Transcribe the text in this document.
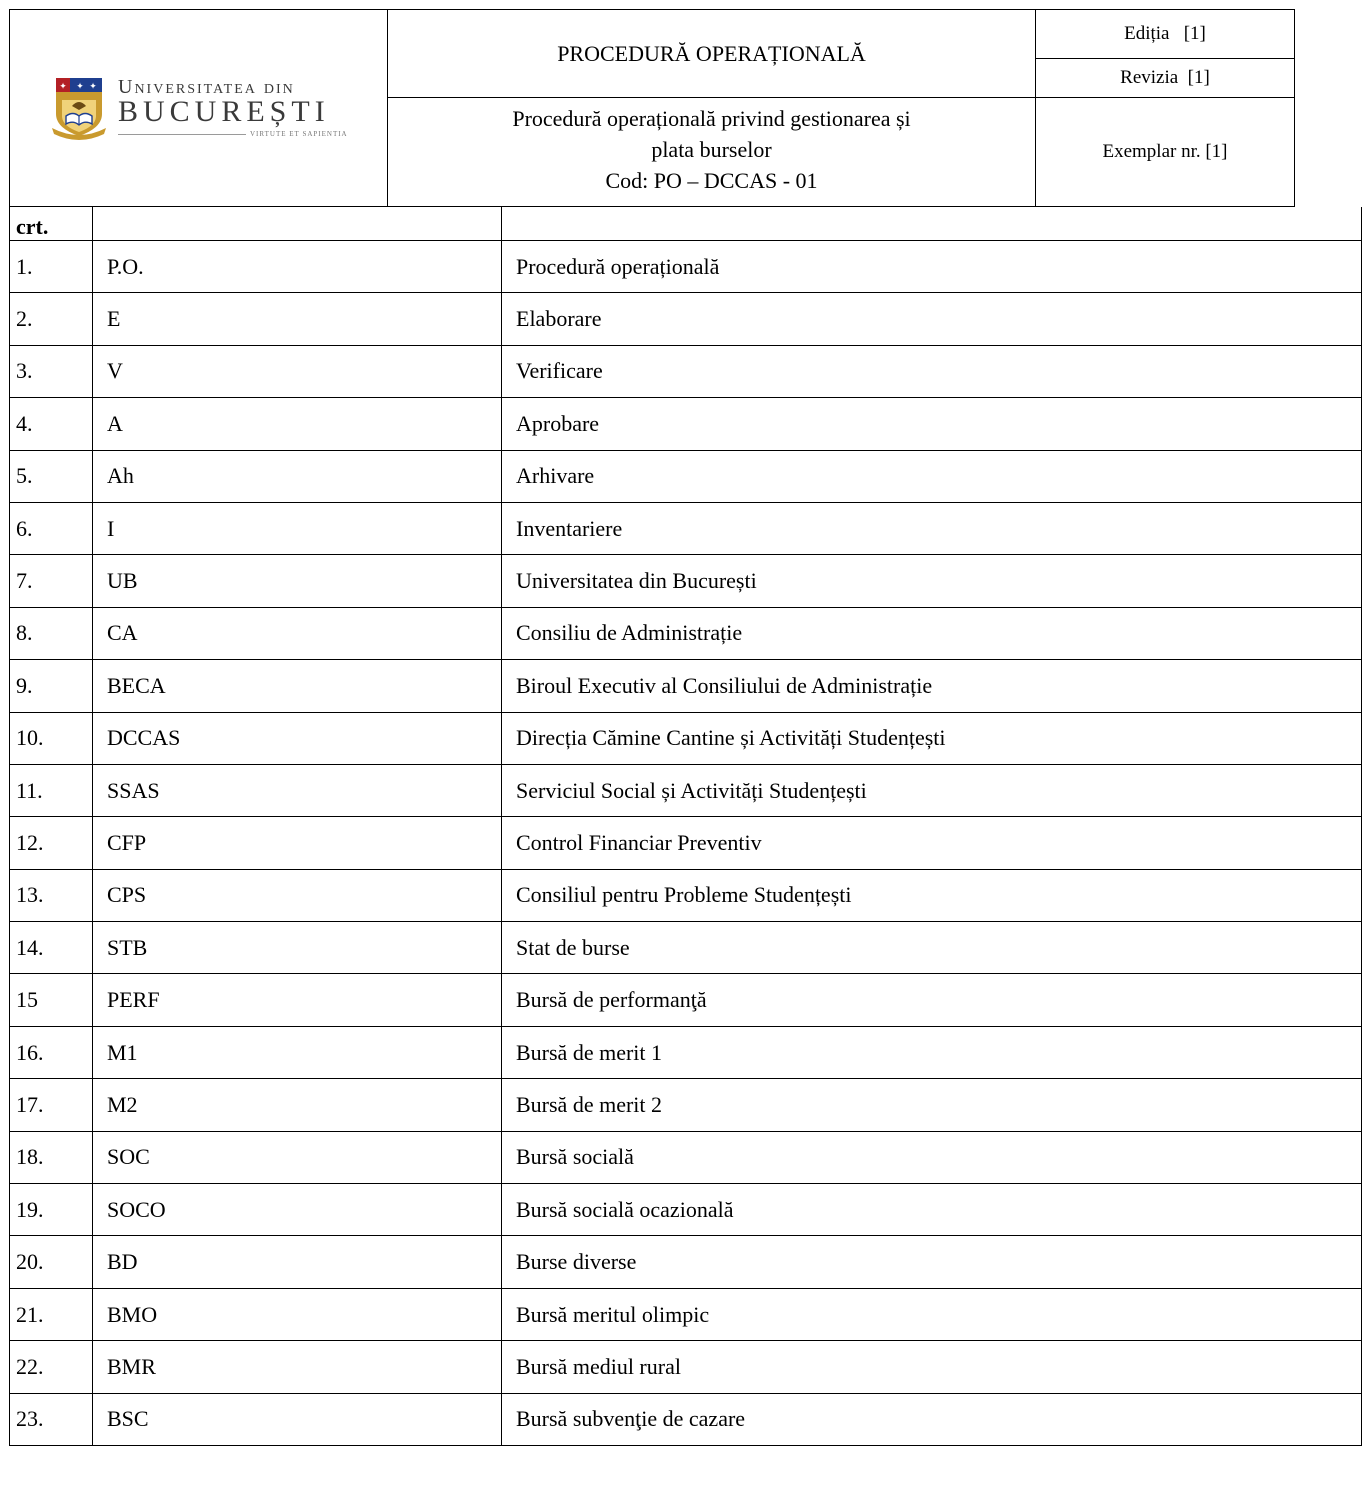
✦ ✦ ✦ Universitatea din
BUCUREȘTI
VIRTUTE ET SAPIENTIA
PROCEDURĂ OPERAȚIONALĂ
Procedură operațională privind gestionarea și
plata burselor
Cod: PO – DCCAS - 01
Ediția   [1]
Revizia  [1]
Exemplar nr. [1]
crt.		
1.	P.O.	Procedură operațională
2.	E	Elaborare
3.	V	Verificare
4.	A	Aprobare
5.	Ah	Arhivare
6.	I	Inventariere
7.	UB	Universitatea din București
8.	CA	Consiliu de Administrație
9.	BECA	Biroul Executiv al Consiliului de Administrație
10.	DCCAS	Direcția Cămine Cantine și Activități Studențești
11.	SSAS	Serviciul Social și Activități Studențești
12.	CFP	Control Financiar Preventiv
13.	CPS	Consiliul pentru Probleme Studențești
14.	STB	Stat de burse
15	PERF	Bursă de performanţă
16.	M1	Bursă de merit 1
17.	M2	Bursă de merit 2
18.	SOC	Bursă socială
19.	SOCO	Bursă socială ocazională
20.	BD	Burse diverse
21.	BMO	Bursă meritul olimpic
22.	BMR	Bursă mediul rural
23.	BSC	Bursă subvenţie de cazare
